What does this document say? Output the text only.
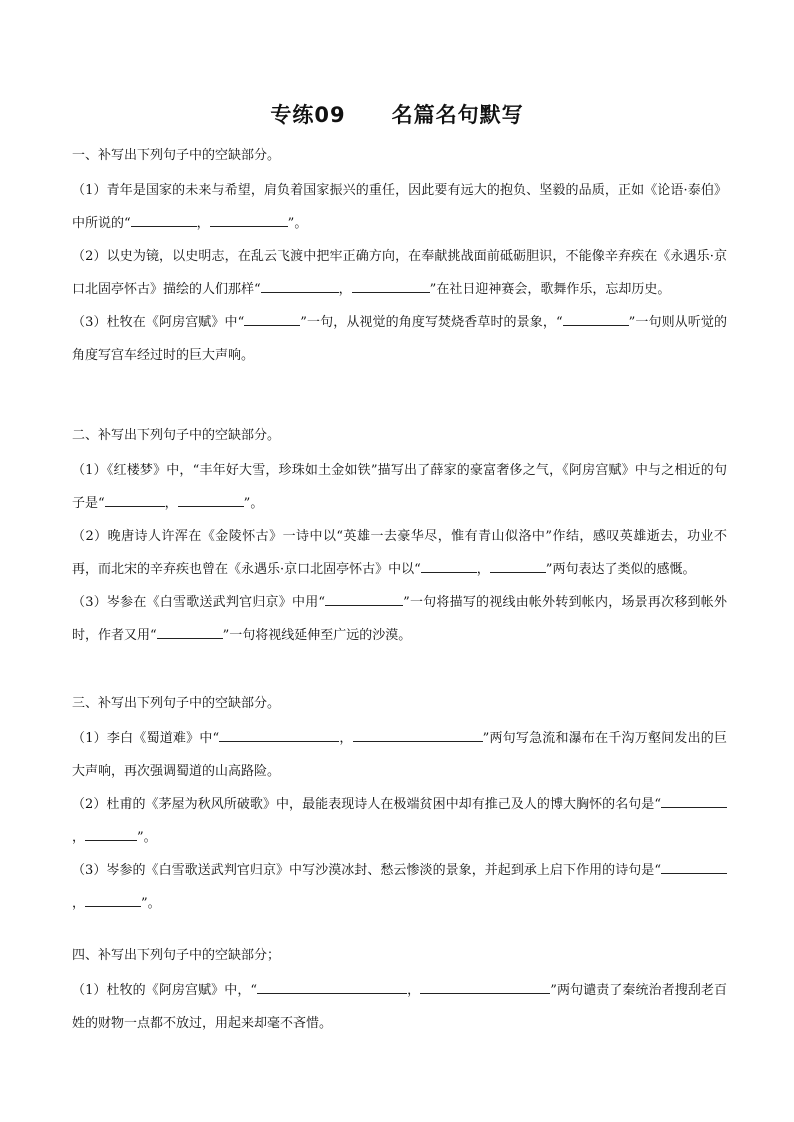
专练09 名篇名句默写
一、补写出下列句子中的空缺部分。

（1）青年是国家的未来与希望，肩负着国家振兴的重任，因此要有远大的抱负、坚毅的品质，正如《论语·泰伯》中所说的“	，	”。

（2）以史为镜，以史明志，在乱云飞渡中把牢正确方向，在奉献挑战面前砥砺胆识，不能像辛弃疾在《永遇乐·京口北固亭怀古》描绘的人们那样“	，	”在社日迎神赛会，歌舞作乐，忘却历史。

（3）杜牧在《阿房宫赋》中“	”一句，从视觉的角度写焚烧香草时的景象，“	”一句则从听觉的角度写宫车经过时的巨大声响。

二、补写出下列句子中的空缺部分。

（1）《红楼梦》中，“丰年好大雪，珍珠如土金如铁”描写出了薛家的豪富奢侈之气，《阿房宫赋》中与之相近的句子是“	，	”。

（2）晚唐诗人许浑在《金陵怀古》一诗中以“英雄一去豪华尽，惟有青山似洛中”作结，感叹英雄逝去，功业不再，而北宋的辛弃疾也曾在《永遇乐·京口北固亭怀古》中以“	，	”两句表达了类似的感慨。

（3）岑参在《白雪歌送武判官归京》中用“	”一句将描写的视线由帐外转到帐内，场景再次移到帐外时，作者又用“	”一句将视线延伸至广远的沙漠。

三、补写出下列句子中的空缺部分。

（1）李白《蜀道难》中“	，	”两句写急流和瀑布在千沟万壑间发出的巨大声响，再次强调蜀道的山高路险。

（2）杜甫的《茅屋为秋风所破歌》中，最能表现诗人在极端贫困中却有推己及人的博大胸怀的名句是“，	”。

（3）岑参的《白雪歌送武判官归京》中写沙漠冰封、愁云惨淡的景象，并起到承上启下作用的诗句是“，	”。

四、补写出下列句子中的空缺部分；

（1）杜牧的《阿房宫赋》中，“	，	”两句谴责了秦统治者搜刮老百姓的财物一点都不放过，用起来却毫不吝惜。
